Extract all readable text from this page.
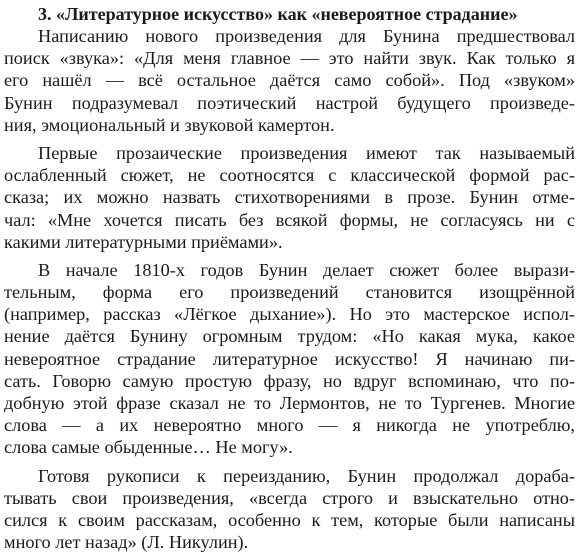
3. «Литературное искусство» как «невероятное страдание»
Написанию нового произведения для Бунина предшествовал
поиск «звука»: «Для меня главное — это найти звук. Как только я
его нашёл — всё остальное даётся само собой». Под «звуком»
Бунин подразумевал поэтический настрой будущего произведе-
ния, эмоциональный и звуковой камертон.
Первые прозаические произведения имеют так называемый
ослабленный сюжет, не соотносятся с классической формой рас-
сказа; их можно назвать стихотворениями в прозе. Бунин отме-
чал: «Мне хочется писать без всякой формы, не согласуясь ни с
какими литературными приёмами».
В начале 1810-х годов Бунин делает сюжет более вырази-
тельным, форма его произведений становится изощрённой
(например, рассказ «Лёгкое дыхание»). Но это мастерское испол-
нение даётся Бунину огромным трудом: «Но какая мука, какое
невероятное страдание литературное искусство! Я начинаю пи-
сать. Говорю самую простую фразу, но вдруг вспоминаю, что по-
добную этой фразе сказал не то Лермонтов, не то Тургенев. Многие
слова — а их невероятно много — я никогда не употреблю,
слова самые обыденные… Не могу».
Готовя рукописи к переизданию, Бунин продолжал дораба-
тывать свои произведения, «всегда строго и взыскательно отно-
сился к своим рассказам, особенно к тем, которые были написаны
много лет назад» (Л. Никулин).
